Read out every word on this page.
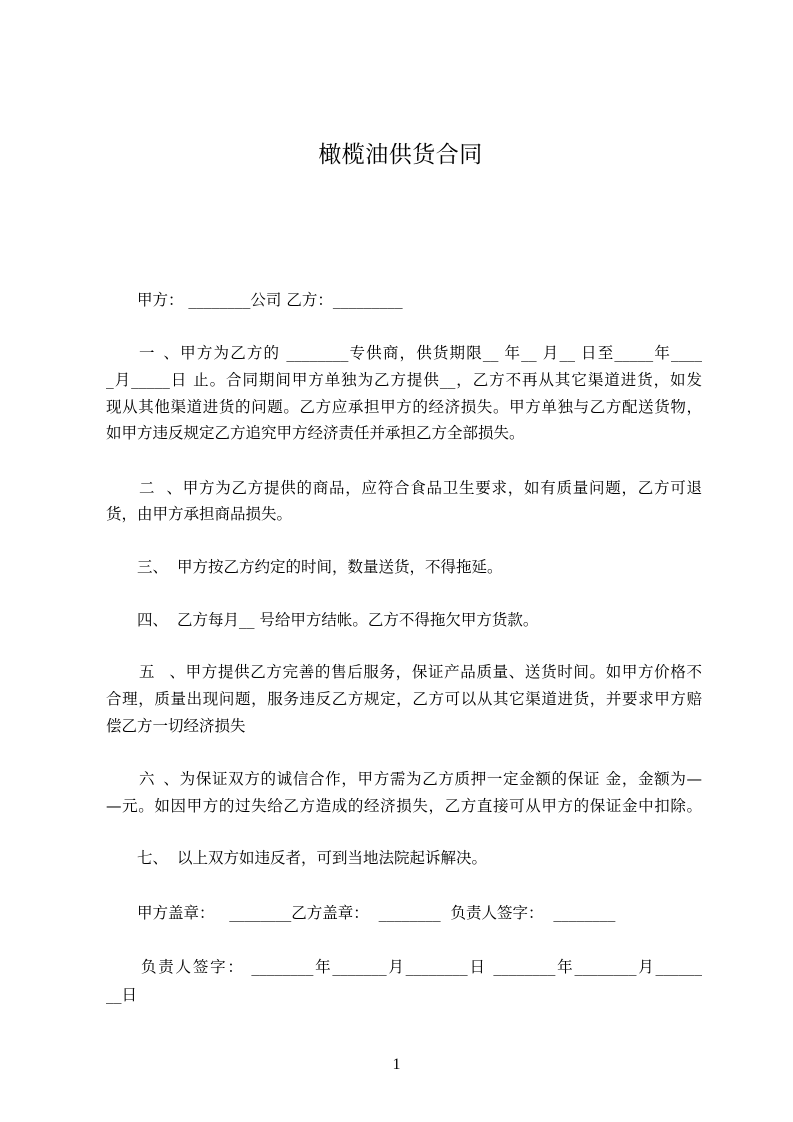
橄榄油供货合同
甲方： ________公司 乙方：_________
一、甲方为乙方的 ________专供商，供货期限__ 年__ 月__ 日至_____年____
_月_____日 止。合同期间甲方单独为乙方提供__，乙方不再从其它渠道进货，如发
现从其他渠道进货的问题。乙方应承担甲方的经济损失。甲方单独与乙方配送货物，
如甲方违反规定乙方追究甲方经济责任并承担乙方全部损失。
二、甲方为乙方提供的商品，应符合食品卫生要求，如有质量问题，乙方可退
货，由甲方承担商品损失。
三、 甲方按乙方约定的时间，数量送货，不得拖延。
四、 乙方每月__ 号给甲方结帐。乙方不得拖欠甲方货款。
五、甲方提供乙方完善的售后服务，保证产品质量、送货时间。如甲方价格不
合理，质量出现问题，服务违反乙方规定，乙方可以从其它渠道进货，并要求甲方赔
偿乙方一切经济损失
六、为保证双方的诚信合作，甲方需为乙方质押一定金额的保证 金，金额为—
—元。如因甲方的过失给乙方造成的经济损失，乙方直接可从甲方的保证金中扣除。
七、 以上双方如违反者，可到当地法院起诉解决。
甲方盖章：   ________乙方盖章：  ________  负责人签字：  ________
负责人签字： ________年_______月________日 ________年________月______
__日
1
